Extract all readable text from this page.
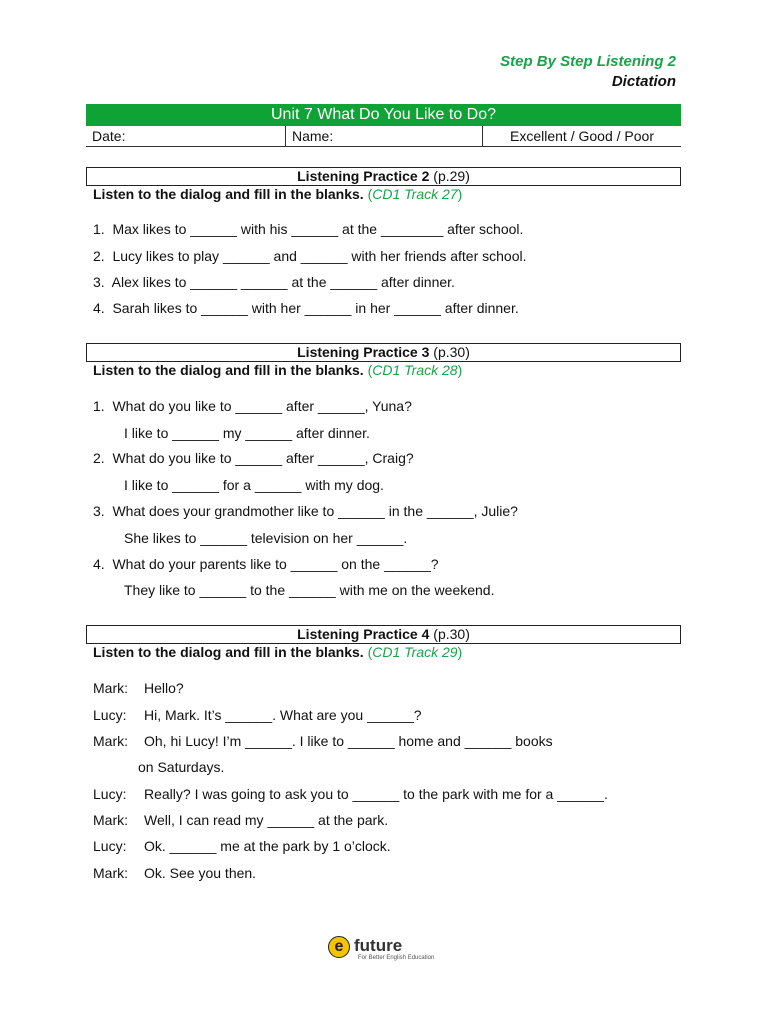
Step By Step Listening 2
Dictation
Unit 7 What Do You Like to Do?
Date:	Name:	Excellent / Good / Poor
Listening Practice 2 (p.29)
Listen to the dialog and fill in the blanks. (CD1 Track 27)
1.  Max likes to ______ with his ______ at the ________ after school.
2.  Lucy likes to play ______ and ______ with her friends after school.
3.  Alex likes to ______ ______ at the ______ after dinner.
4.  Sarah likes to ______ with her ______ in her ______ after dinner.
Listening Practice 3 (p.30)
Listen to the dialog and fill in the blanks. (CD1 Track 28)
1.  What do you like to ______ after ______, Yuna?
I like to ______ my ______ after dinner.
2.  What do you like to ______ after ______, Craig?
I like to ______ for a ______ with my dog.
3.  What does your grandmother like to ______ in the ______, Julie?
She likes to ______ television on her ______.
4.  What do your parents like to ______ on the ______?
They like to ______ to the ______ with me on the weekend.
Listening Practice 4 (p.30)
Listen to the dialog and fill in the blanks. (CD1 Track 29)
Mark: Hello?
Lucy: Hi, Mark. It’s ______. What are you ______?
Mark: Oh, hi Lucy! I’m ______. I like to ______ home and ______ books
on Saturdays.
Lucy: Really? I was going to ask you to ______ to the park with me for a ______.
Mark: Well, I can read my ______ at the park.
Lucy: Ok. ______ me at the park by 1 o’clock.
Mark: Ok. See you then.
e future
For Better English Education
